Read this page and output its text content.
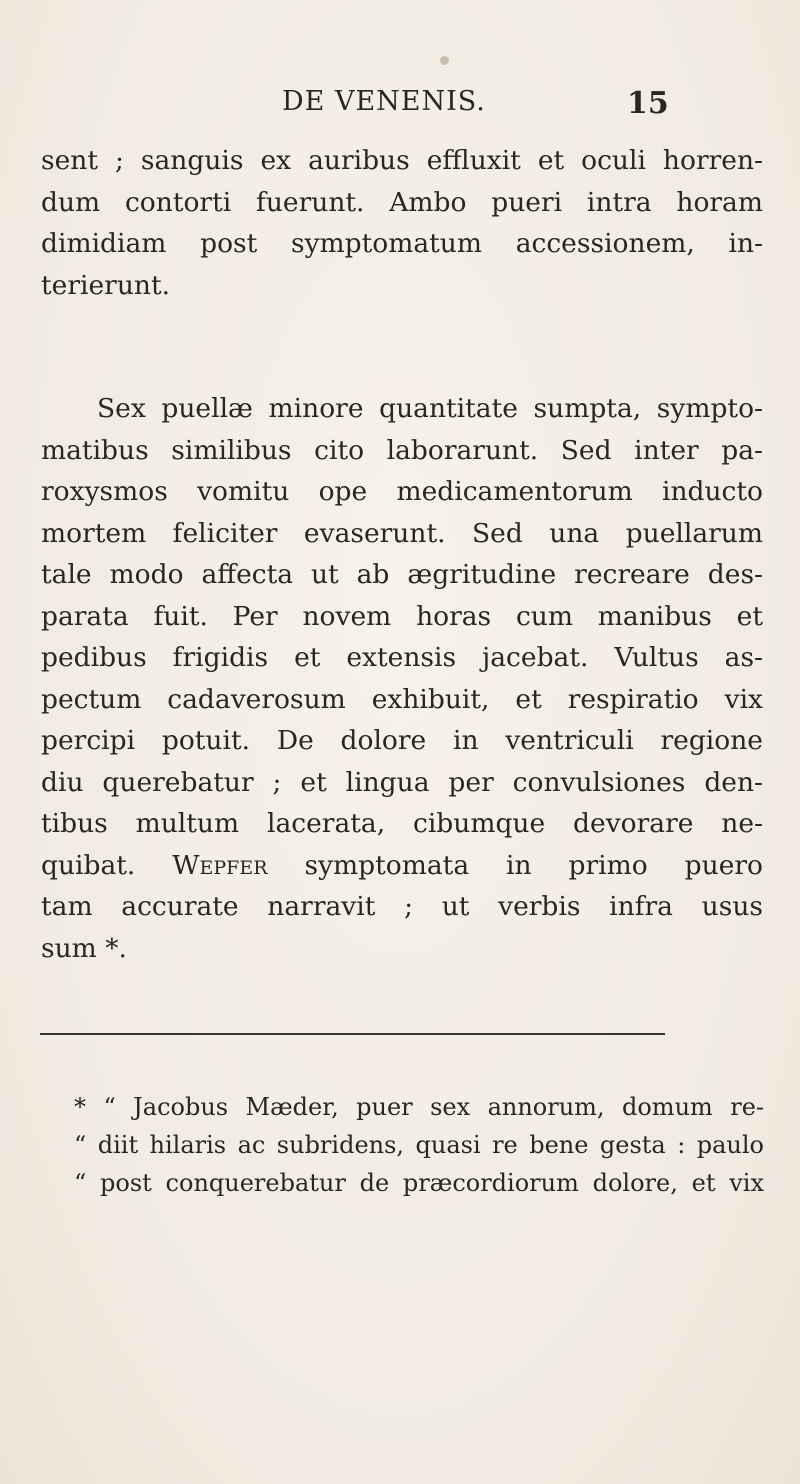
DE VENENIS.	15
sent ; sanguis ex auribus effluxit et oculi horren-
dum contorti fuerunt. Ambo pueri intra horam
dimidiam post symptomatum accessionem, in-
terierunt.
Sex puellæ minore quantitate sumpta, sympto-
matibus similibus cito laborarunt. Sed inter pa-
roxysmos vomitu ope medicamentorum inducto
mortem feliciter evaserunt. Sed una puellarum
tale modo affecta ut ab ægritudine recreare des-
parata fuit. Per novem horas cum manibus et
pedibus frigidis et extensis jacebat. Vultus as-
pectum cadaverosum exhibuit, et respiratio vix
percipi potuit. De dolore in ventriculi regione
diu querebatur ; et lingua per convulsiones den-
tibus multum lacerata, cibumque devorare ne-
quibat. Wepfer symptomata in primo puero
tam accurate narravit ; ut verbis infra usus
sum *.
* “ Jacobus Mæder, puer sex annorum, domum re-
“ diit hilaris ac subridens, quasi re bene gesta : paulo
“ post conquerebatur de præcordiorum dolore, et vix
